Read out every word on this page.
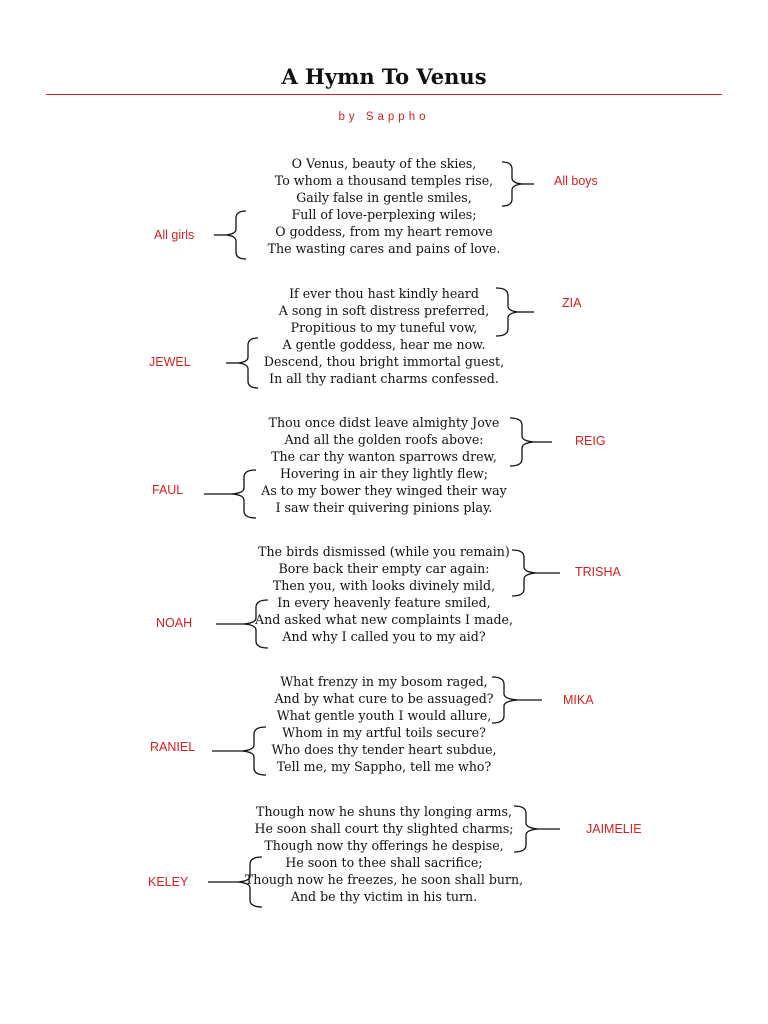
A Hymn To Venus
by Sappho
O Venus, beauty of the skies,
To whom a thousand temples rise,
Gaily false in gentle smiles,
Full of love-perplexing wiles;
O goddess, from my heart remove
The wasting cares and pains of love.
All boys
All girls
If ever thou hast kindly heard
A song in soft distress preferred,
Propitious to my tuneful vow,
A gentle goddess, hear me now.
Descend, thou bright immortal guest,
In all thy radiant charms confessed.
ZIA
JEWEL
Thou once didst leave almighty Jove
And all the golden roofs above:
The car thy wanton sparrows drew,
Hovering in air they lightly flew;
As to my bower they winged their way
I saw their quivering pinions play.
REIG
FAUL
The birds dismissed (while you remain)
Bore back their empty car again:
Then you, with looks divinely mild,
In every heavenly feature smiled,
And asked what new complaints I made,
And why I called you to my aid?
TRISHA
NOAH
What frenzy in my bosom raged,
And by what cure to be assuaged?
What gentle youth I would allure,
Whom in my artful toils secure?
Who does thy tender heart subdue,
Tell me, my Sappho, tell me who?
MIKA
RANIEL
Though now he shuns thy longing arms,
He soon shall court thy slighted charms;
Though now thy offerings he despise,
He soon to thee shall sacrifice;
Though now he freezes, he soon shall burn,
And be thy victim in his turn.
JAIMELIE
KELEY
